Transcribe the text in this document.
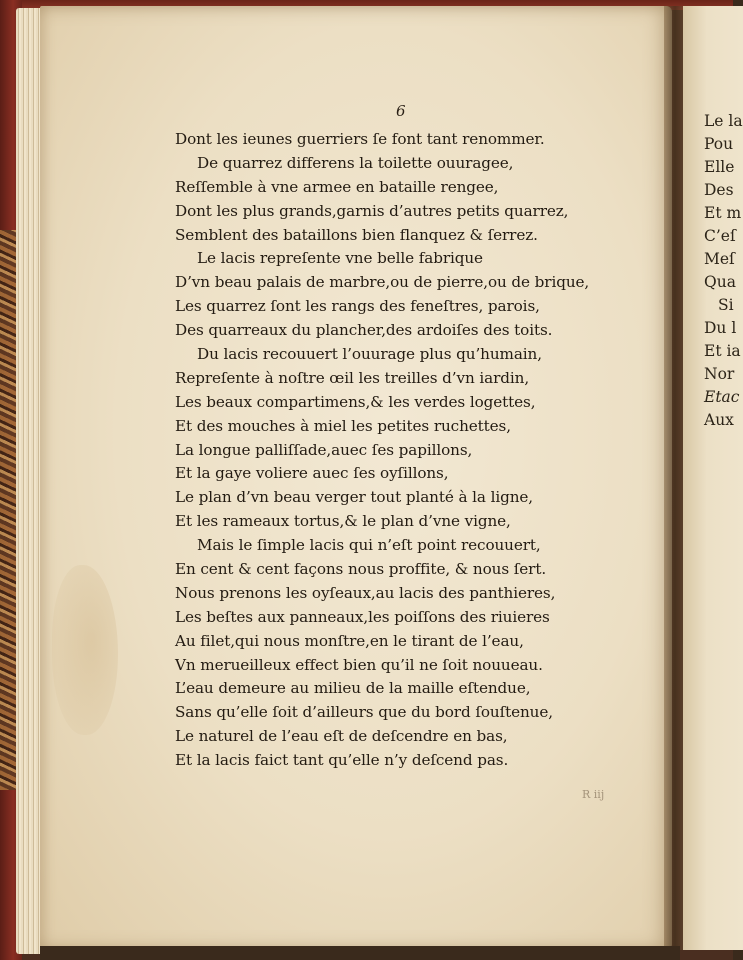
6
Dont les ieunes guerriers ſe font tant renommer.
De quarrez differens la toilette ouuragee,
Reſſemble à vne armee en bataille rengee,
Dont les plus grands,garnis d’autres petits quarrez,
Semblent des bataillons bien flanquez & ſerrez.
Le lacis repreſente vne belle fabrique
D’vn beau palais de marbre,ou de pierre,ou de brique,
Les quarrez ſont les rangs des feneſtres, parois,
Des quarreaux du plancher,des ardoiſes des toits.
Du lacis recouuert l’ouurage plus qu’humain,
Repreſente à noſtre œil les treilles d’vn iardin,
Les beaux compartimens,& les verdes logettes,
Et des mouches à miel les petites ruchettes,
La longue palliſſade,auec ſes papillons,
Et la gaye voliere auec ſes oyſillons,
Le plan d’vn beau verger tout planté à la ligne,
Et les rameaux tortus,& le plan d’vne vigne,
Mais le ſimple lacis qui n’eſt point recouuert,
En cent & cent façons nous proffite, & nous ſert.
Nous prenons les oyſeaux,au lacis des panthieres,
Les beſtes aux panneaux,les poiſſons des riuieres
Au filet,qui nous monſtre,en le tirant de l’eau,
Vn merueilleux effect bien qu’il ne ſoit nouueau.
L’eau demeure au milieu de la maille eſtendue,
Sans qu’elle ſoit d’ailleurs que du bord ſouſtenue,
Le naturel de l’eau eſt de deſcendre en bas,
Et la lacis faict tant qu’elle n’y deſcend pas.
R iij
Le la
Pou
Elle
Des
Et m
C’eſ
Meſ
Qua
Si
Du l
Et ia
Nor
Etac
Aux
